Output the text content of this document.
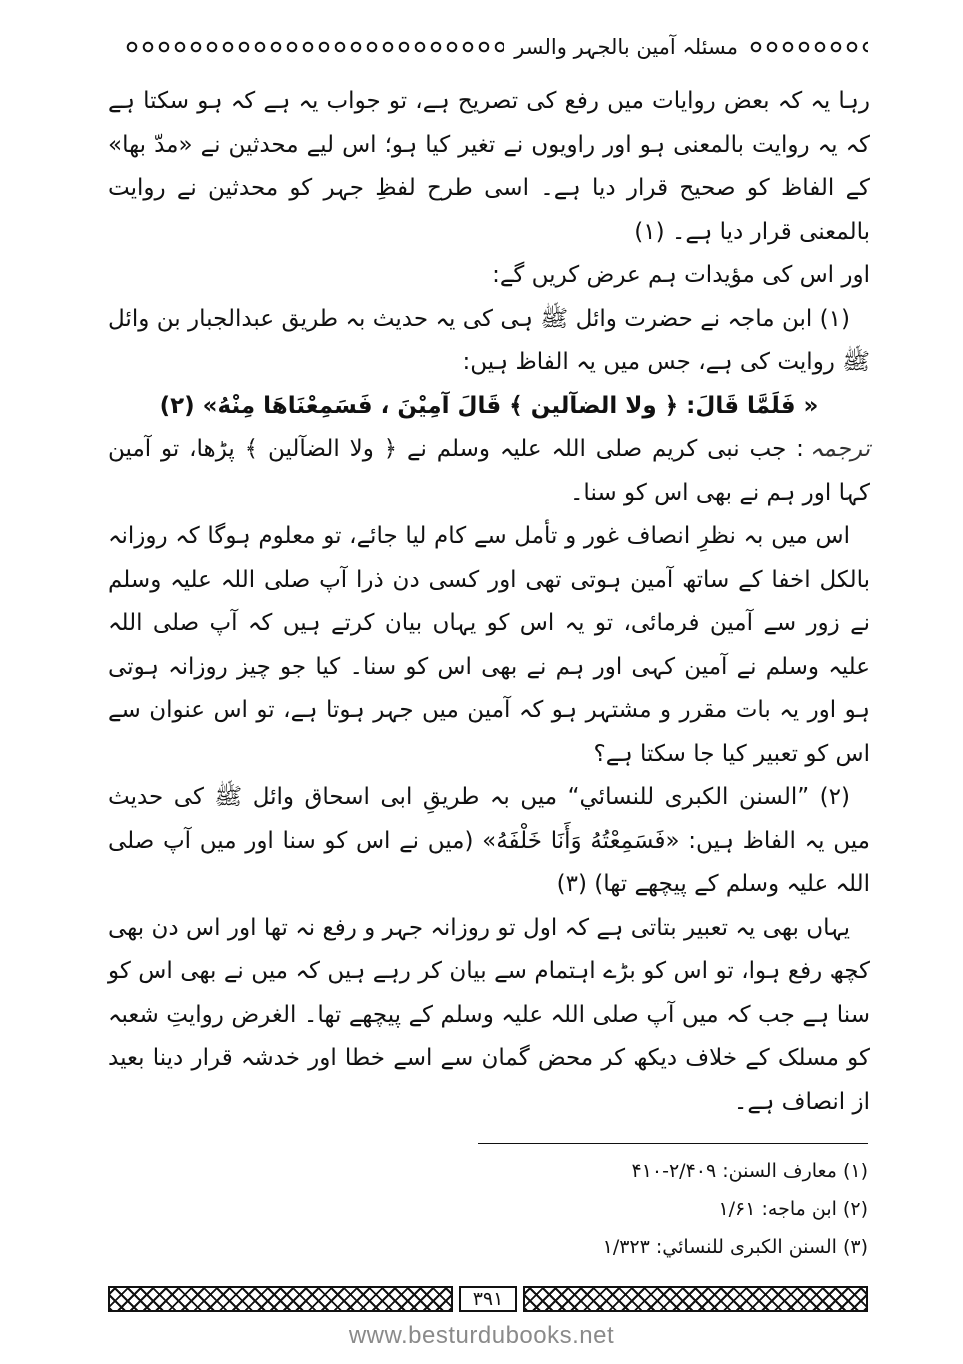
مسئلہ آمین بالجہر والسر

رہا یہ کہ بعض روایات میں رفع کی تصریح ہے، تو جواب یہ ہے کہ ہو سکتا ہے کہ یہ روایت بالمعنی ہو اور راویوں نے تغیر کیا ہو؛ اس لیے محدثین نے «مدّ بها» کے الفاظ کو صحیح قرار دیا ہے۔ اسی طرح لفظِ جہر کو محدثین نے روایت بالمعنی قرار دیا ہے۔ (۱)

اور اس کی مؤیدات ہم عرض کریں گے:

(۱) ابن ماجہ نے حضرت وائل ﷺ ہی کی یہ حدیث بہ طریق عبدالجبار بن وائل ﷺ روایت کی ہے، جس میں یہ الفاظ ہیں:

« فَلَمَّا قَالَ: ﴿ ولا الضآلين ﴾ قَالَ آمِيْنَ ، فَسَمِعْنَاهَا مِنْهُ» (۲)

ترجمہ: جب نبی کریم صلی اللہ علیہ وسلم نے ﴿ ولا الضآلين ﴾ پڑھا، تو آمین کہا اور ہم نے بھی اس کو سنا۔

اس میں بہ نظرِ انصاف غور و تأمل سے کام لیا جائے، تو معلوم ہوگا کہ روزانہ بالکل اخفا کے ساتھ آمین ہوتی تھی اور کسی دن ذرا آپ صلی اللہ علیہ وسلم نے زور سے آمین فرمائی، تو یہ اس کو یہاں بیان کرتے ہیں کہ آپ صلی اللہ علیہ وسلم نے آمین کہی اور ہم نے بھی اس کو سنا۔ کیا جو چیز روزانہ ہوتی ہو اور یہ بات مقرر و مشتہر ہو کہ آمین میں جہر ہوتا ہے، تو اس عنوان سے اس کو تعبیر کیا جا سکتا ہے؟

(۲) ”السنن الكبرى للنسائي“ میں بہ طریقِ ابی اسحاق وائل ﷺ کی حدیث میں یہ الفاظ ہیں: «فَسَمِعْتُهُ وَأَنَا خَلْفَهُ» (میں نے اس کو سنا اور میں آپ صلی اللہ علیہ وسلم کے پیچھے تھا) (۳)

یہاں بھی یہ تعبیر بتاتی ہے کہ اول تو روزانہ جہر و رفع نہ تھا اور اس دن بھی کچھ رفع ہوا، تو اس کو بڑے اہتمام سے بیان کر رہے ہیں کہ میں نے بھی اس کو سنا ہے جب کہ میں آپ صلی اللہ علیہ وسلم کے پیچھے تھا۔ الغرض روایتِ شعبہ کو مسلک کے خلاف دیکھ کر محض گمان سے اسے خطا اور خدشہ قرار دینا بعید از انصاف ہے۔

(۱) معارف السنن: ۲/۴۰۹-۴۱۰
(۲) ابن ماجه: ۱/۶۱
(۳) السنن الكبرى للنسائي: ۱/۳۲۳
۳۹۱
www.besturdubooks.net
